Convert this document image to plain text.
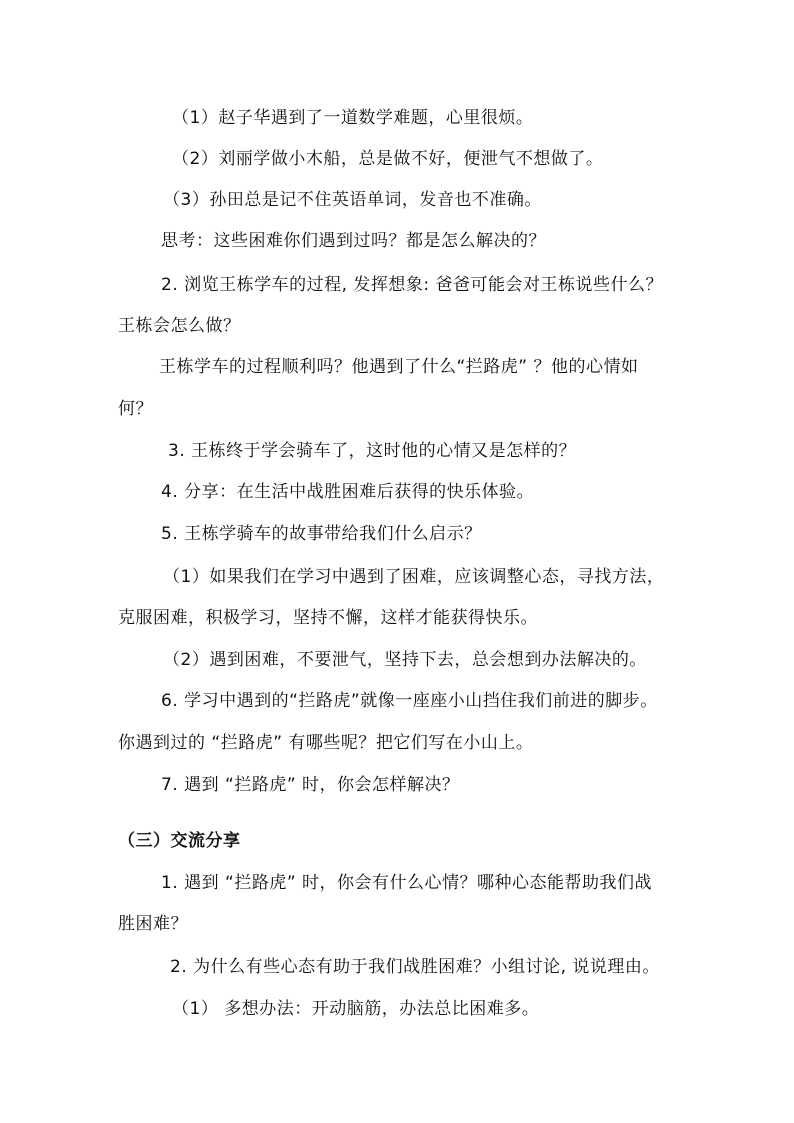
（1）赵子华遇到了一道数学难题，心里很烦。
（2）刘丽学做小木船，总是做不好，便泄气不想做了。
（3）孙田总是记不住英语单词，发音也不准确。
思考：这些困难你们遇到过吗？都是怎么解决的？
2. 浏览王栋学车的过程, 发挥想象: 爸爸可能会对王栋说些什么？
王栋会怎么做？
王栋学车的过程顺利吗？他遇到了什么“拦路虎” ？他的心情如
何？
3. 王栋终于学会骑车了，这时他的心情又是怎样的？
4. 分享：在生活中战胜困难后获得的快乐体验。
5. 王栋学骑车的故事带给我们什么启示？
（1）如果我们在学习中遇到了困难，应该调整心态，寻找方法，
克服困难，积极学习，坚持不懈，这样才能获得快乐。
（2）遇到困难，不要泄气，坚持下去，总会想到办法解决的。
6. 学习中遇到的“拦路虎”就像一座座小山挡住我们前进的脚步。
你遇到过的 “拦路虎” 有哪些呢？把它们写在小山上。
7. 遇到 “拦路虎” 时，你会怎样解决？
（三）交流分享
1. 遇到 “拦路虎” 时，你会有什么心情？哪种心态能帮助我们战
胜困难？
2. 为什么有些心态有助于我们战胜困难？小组讨论, 说说理由。
（1） 多想办法：开动脑筋，办法总比困难多。
